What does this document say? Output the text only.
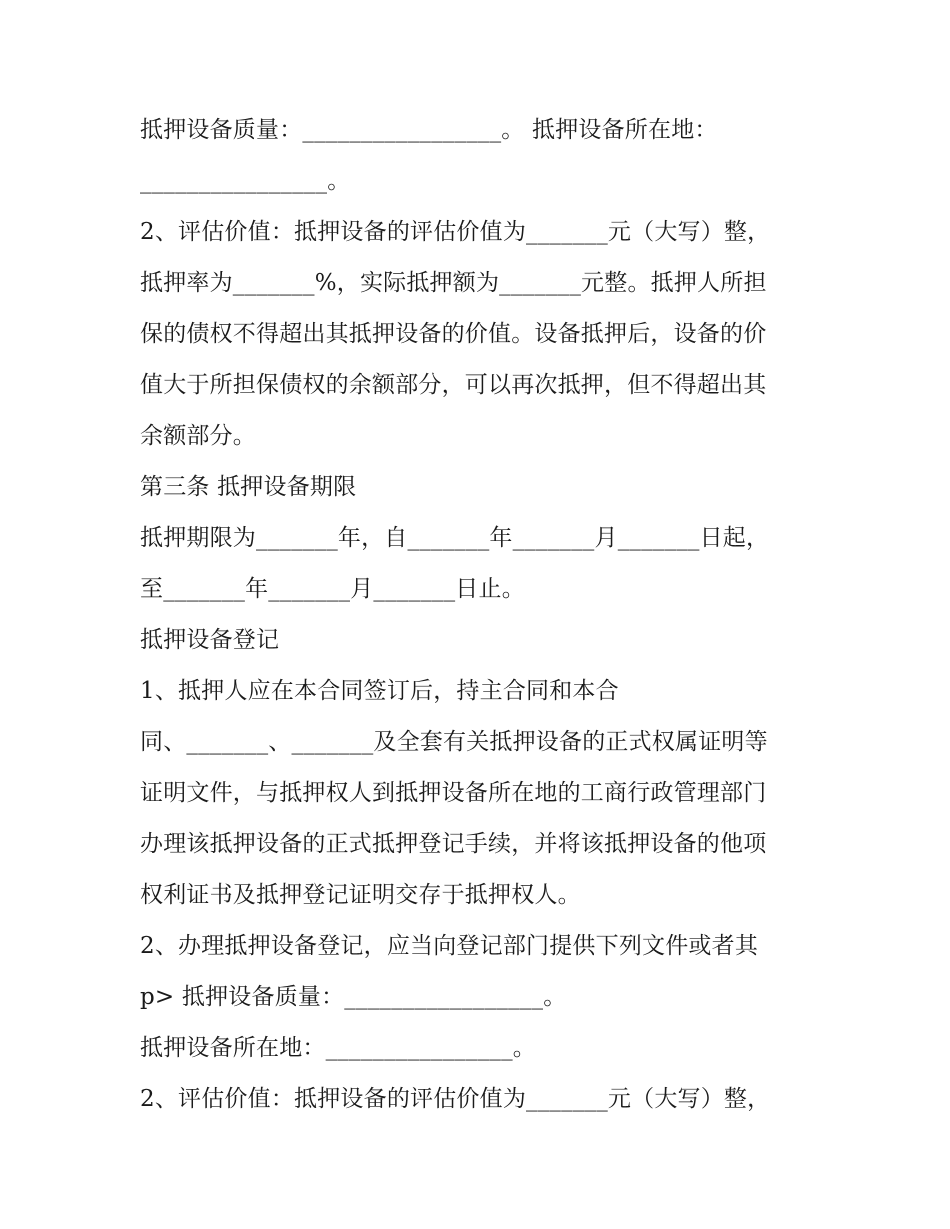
抵押设备质量：_________________。 抵押设备所在地：
________________。
2、评估价值：抵押设备的评估价值为_______元（大写）整，
抵押率为_______%，实际抵押额为_______元整。抵押人所担
保的债权不得超出其抵押设备的价值。设备抵押后，设备的价
值大于所担保债权的余额部分，可以再次抵押，但不得超出其
余额部分。
第三条 抵押设备期限
抵押期限为_______年，自_______年_______月_______日起，
至_______年_______月_______日止。
抵押设备登记
1、抵押人应在本合同签订后，持主合同和本合
同、_______、_______及全套有关抵押设备的正式权属证明等
证明文件，与抵押权人到抵押设备所在地的工商行政管理部门
办理该抵押设备的正式抵押登记手续，并将该抵押设备的他项
权利证书及抵押登记证明交存于抵押权人。
2、办理抵押设备登记，应当向登记部门提供下列文件或者其
p> 抵押设备质量：_________________。
抵押设备所在地：________________。
2、评估价值：抵押设备的评估价值为_______元（大写）整，
